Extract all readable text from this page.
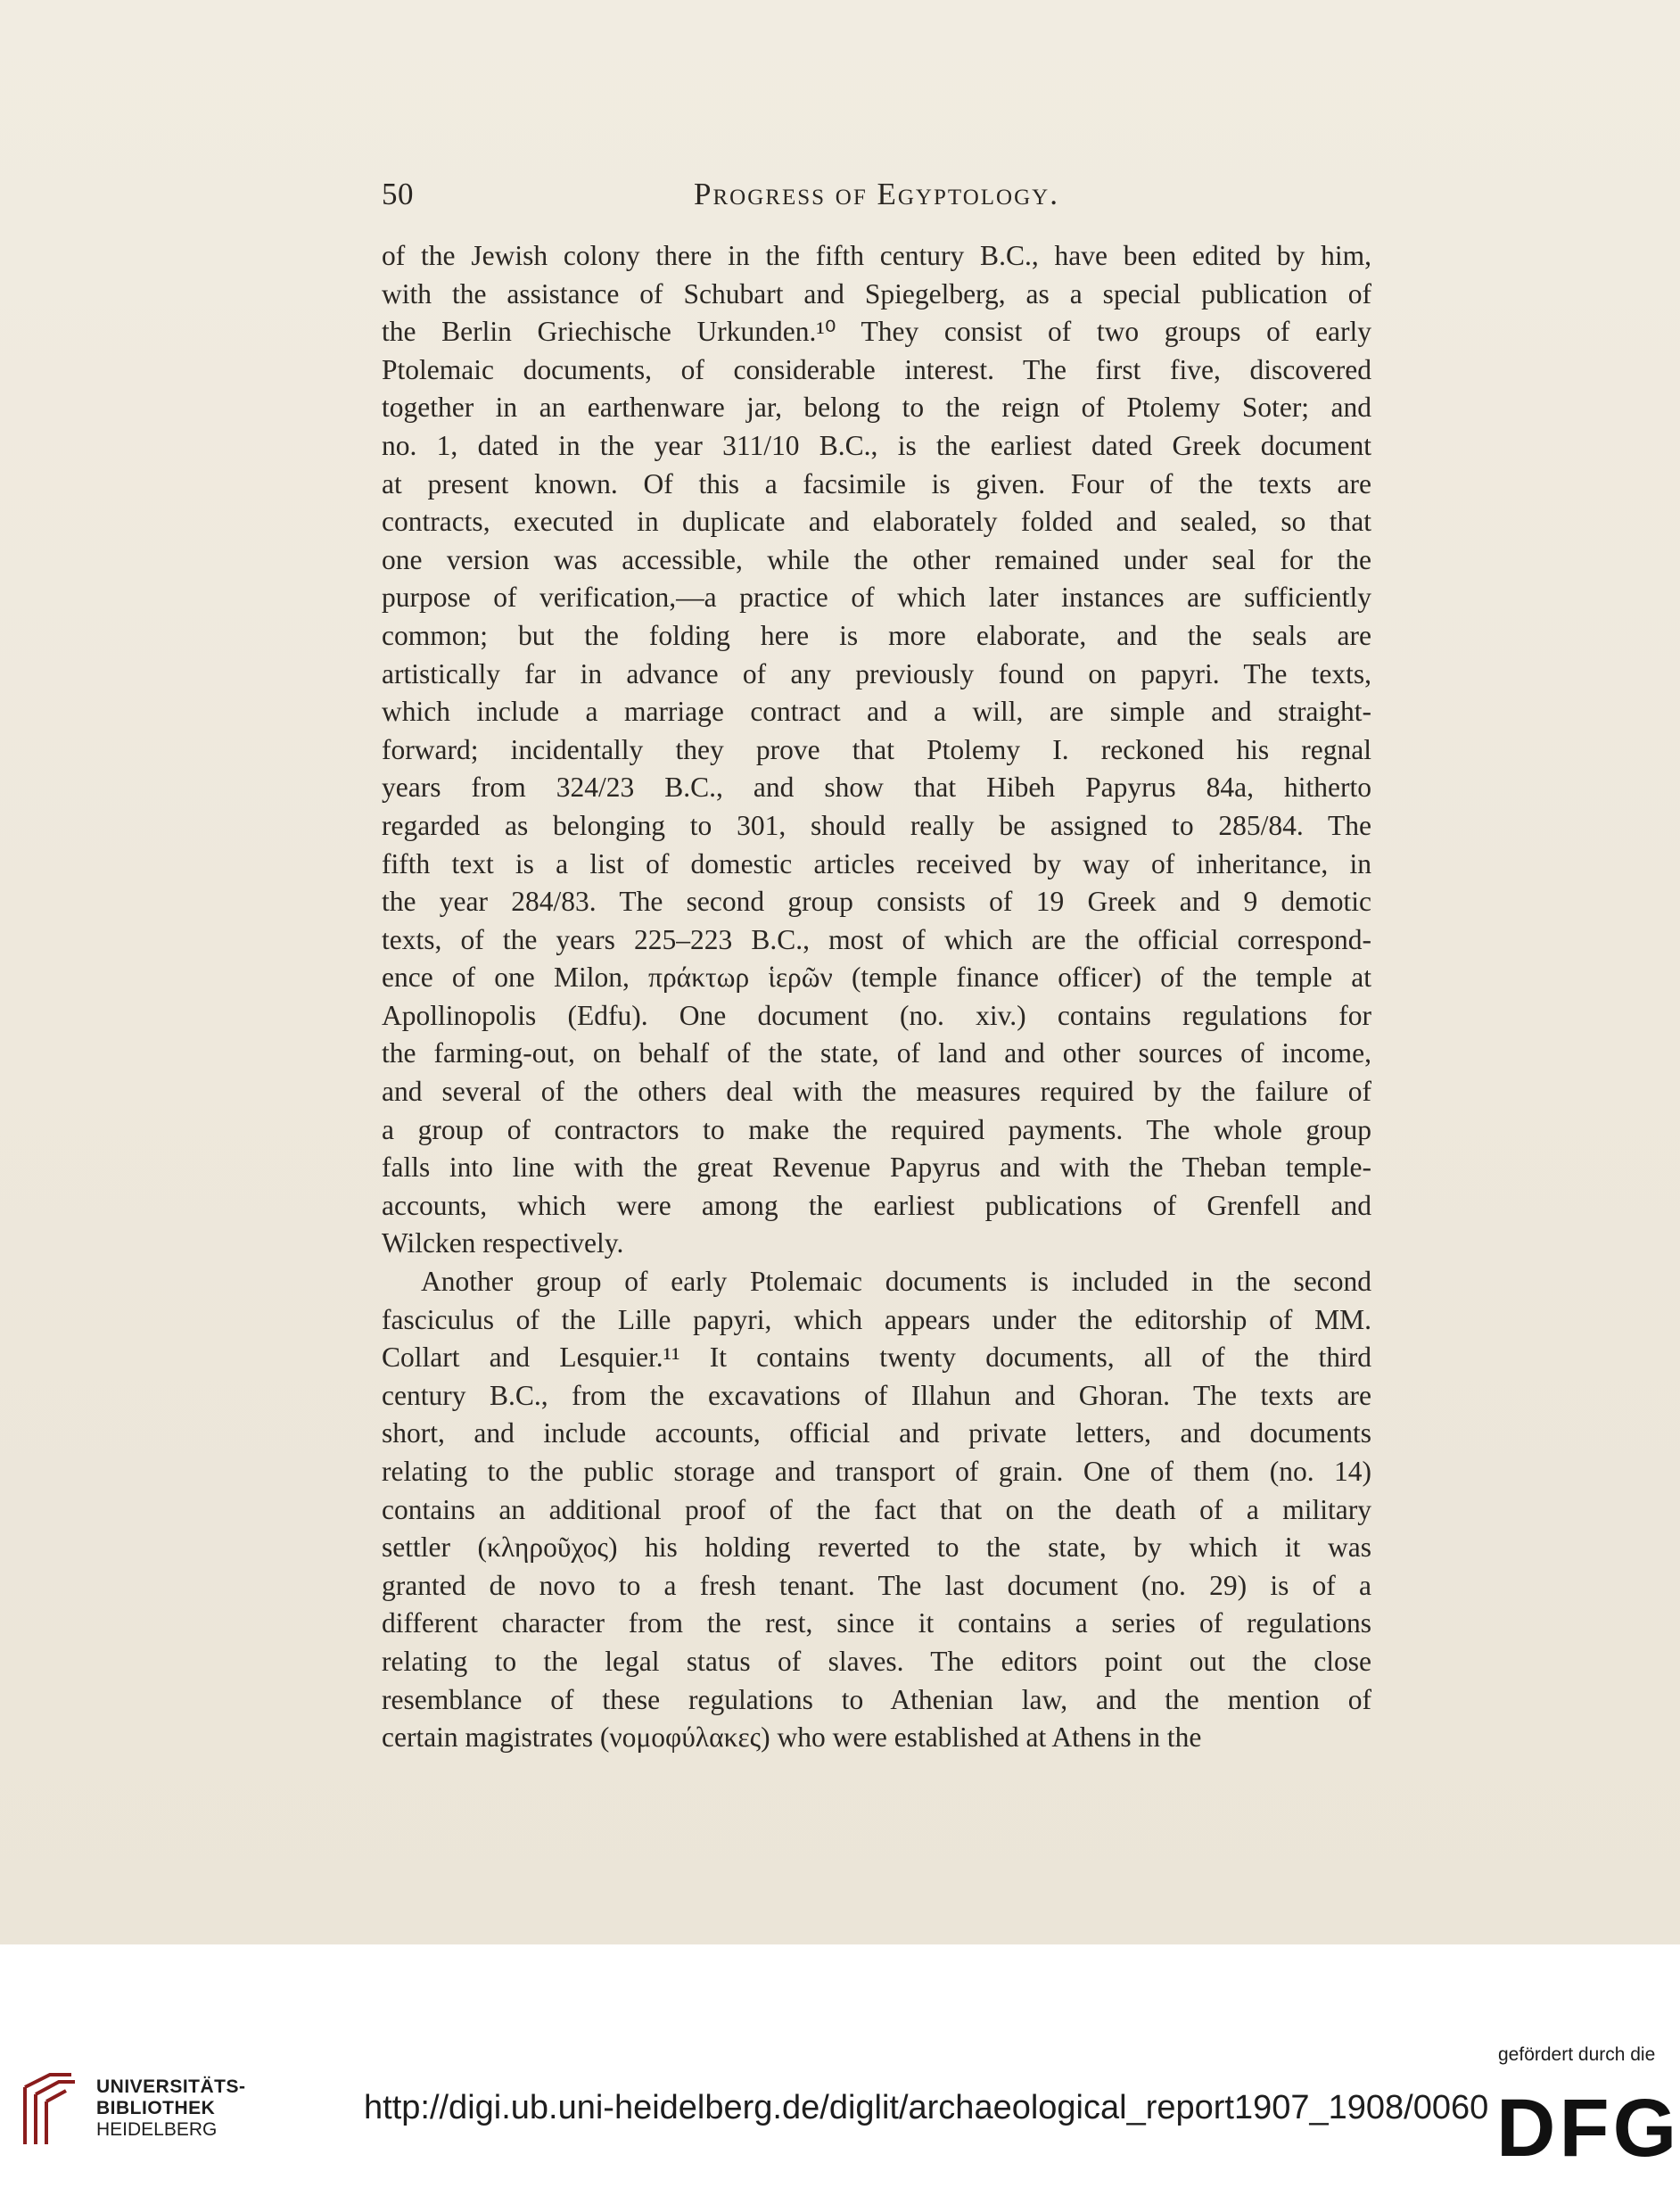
50	Progress of Egyptology.

of the Jewish colony there in the fifth century B.C., have been edited by him,
with the assistance of Schubart and Spiegelberg, as a special publication of
the Berlin Griechische Urkunden.¹⁰ They consist of two groups of early
Ptolemaic documents, of considerable interest. The first five, discovered
together in an earthenware jar, belong to the reign of Ptolemy Soter; and
no. 1, dated in the year 311/10 B.C., is the earliest dated Greek document
at present known. Of this a facsimile is given. Four of the texts are
contracts, executed in duplicate and elaborately folded and sealed, so that
one version was accessible, while the other remained under seal for the
purpose of verification,—a practice of which later instances are sufficiently
common; but the folding here is more elaborate, and the seals are
artistically far in advance of any previously found on papyri. The texts,
which include a marriage contract and a will, are simple and straight-
forward; incidentally they prove that Ptolemy I. reckoned his regnal
years from 324/23 B.C., and show that Hibeh Papyrus 84a, hitherto
regarded as belonging to 301, should really be assigned to 285/84. The
fifth text is a list of domestic articles received by way of inheritance, in
the year 284/83. The second group consists of 19 Greek and 9 demotic
texts, of the years 225–223 B.C., most of which are the official correspond-
ence of one Milon, πράκτωρ ἱερῶν (temple finance officer) of the temple at
Apollinopolis (Edfu). One document (no. xiv.) contains regulations for
the farming-out, on behalf of the state, of land and other sources of income,
and several of the others deal with the measures required by the failure of
a group of contractors to make the required payments. The whole group
falls into line with the great Revenue Papyrus and with the Theban temple-
accounts, which were among the earliest publications of Grenfell and
Wilcken respectively.

Another group of early Ptolemaic documents is included in the second
fasciculus of the Lille papyri, which appears under the editorship of MM.
Collart and Lesquier.¹¹ It contains twenty documents, all of the third
century B.C., from the excavations of Illahun and Ghoran. The texts are
short, and include accounts, official and private letters, and documents
relating to the public storage and transport of grain. One of them (no. 14)
contains an additional proof of the fact that on the death of a military
settler (κληροῦχος) his holding reverted to the state, by which it was
granted de novo to a fresh tenant. The last document (no. 29) is of a
different character from the rest, since it contains a series of regulations
relating to the legal status of slaves. The editors point out the close
resemblance of these regulations to Athenian law, and the mention of
certain magistrates (νομοφύλακες) who were established at Athens in the

UNIVERSITÄTS-
BIBLIOTHEK
HEIDELBERG
http://digi.ub.uni-heidelberg.de/diglit/archaeological_report1907_1908/0060
gefördert durch die
DFG
